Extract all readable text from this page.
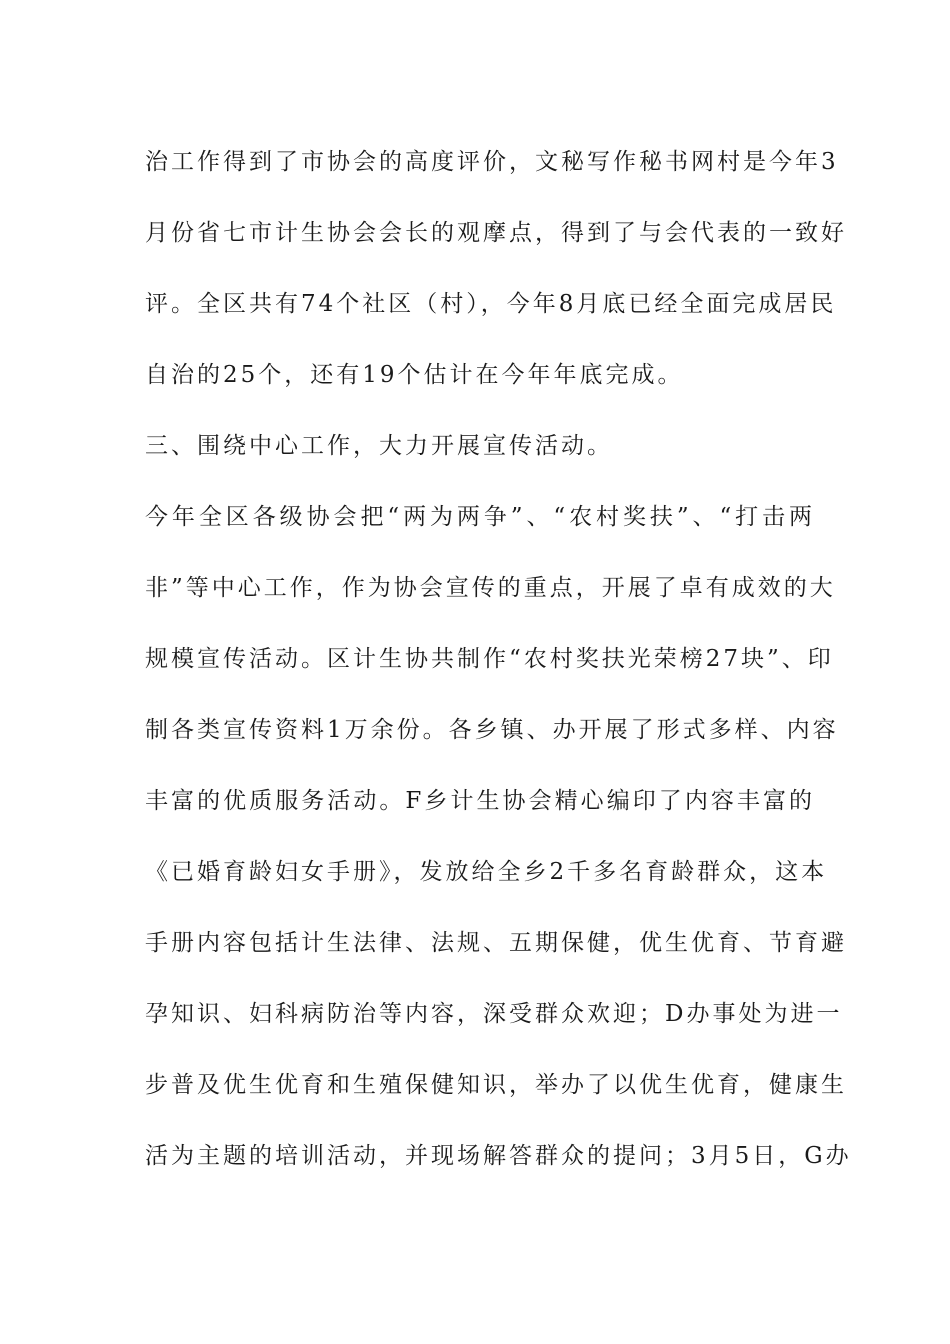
治工作得到了市协会的高度评价，文秘写作秘书网村是今年3
月份省七市计生协会会长的观摩点，得到了与会代表的一致好
评。全区共有74个社区（村），今年8月底已经全面完成居民
自治的25个，还有19个估计在今年年底完成。
三、围绕中心工作，大力开展宣传活动。
今年全区各级协会把“两为两争”、“农村奖扶”、“打击两
非”等中心工作，作为协会宣传的重点，开展了卓有成效的大
规模宣传活动。区计生协共制作“农村奖扶光荣榜27块”、印
制各类宣传资料1万余份。各乡镇、办开展了形式多样、内容
丰富的优质服务活动。F乡计生协会精心编印了内容丰富的
《已婚育龄妇女手册》，发放给全乡2千多名育龄群众，这本
手册内容包括计生法律、法规、五期保健，优生优育、节育避
孕知识、妇科病防治等内容，深受群众欢迎；D办事处为进一
步普及优生优育和生殖保健知识，举办了以优生优育，健康生
活为主题的培训活动，并现场解答群众的提问；3月5日，G办
